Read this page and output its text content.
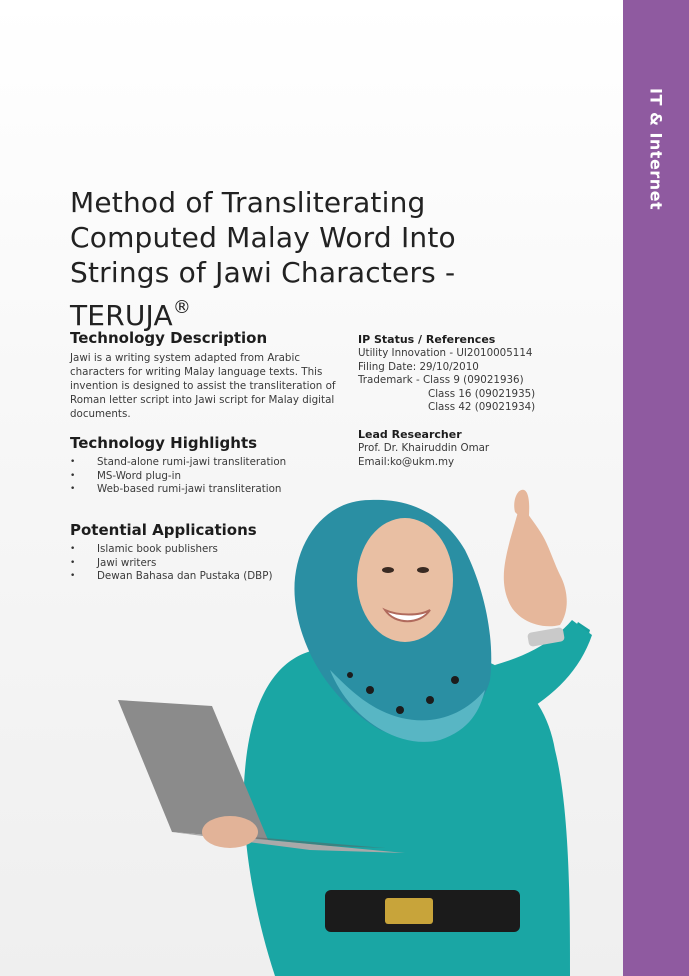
IT & Internet
Method of Transliterating Computed Malay Word Into Strings of Jawi Characters - TERUJA®
Technology Description
Jawi is a writing system adapted from Arabic characters for writing Malay language texts. This invention is designed to assist the transliteration of Roman letter script into Jawi script for Malay digital documents.
Technology Highlights
• Stand-alone rumi-jawi transliteration
• MS-Word plug-in
• Web-based rumi-jawi transliteration
Potential Applications
• Islamic book publishers
• Jawi writers
• Dewan Bahasa dan Pustaka (DBP)
IP Status / References
Utility Innovation - UI2010005114
Filing Date: 29/10/2010
Trademark - Class 9 (09021936)
Class 16 (09021935)
Class 42 (09021934)
Lead Researcher
Prof. Dr. Khairuddin Omar
Email:ko@ukm.my
